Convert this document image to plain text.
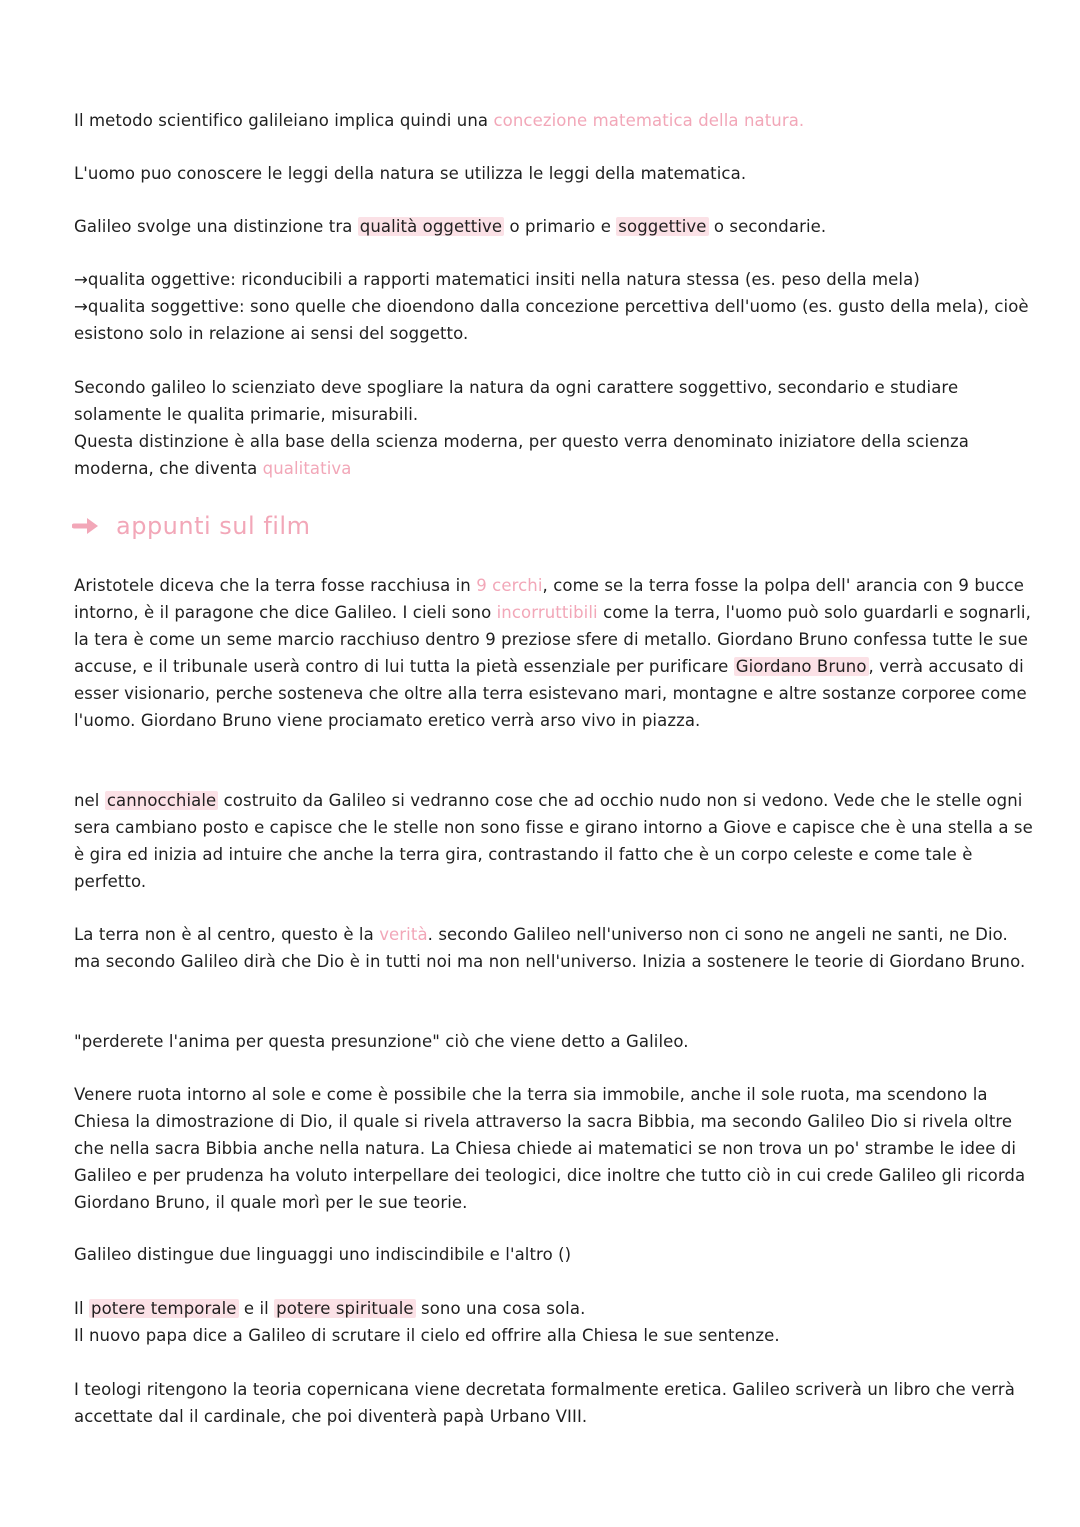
Il metodo scientifico galileiano implica quindi una concezione matematica della natura.

L'uomo puo conoscere le leggi della natura se utilizza le leggi della matematica.

Galileo svolge una distinzione tra qualità oggettive o primario e soggettive o secondarie.

→qualita oggettive: riconducibili a rapporti matematici insiti nella natura stessa (es. peso della mela)

→qualita soggettive: sono quelle che dioendono dalla concezione percettiva dell'uomo (es. gusto della mela), cioè esistono solo in relazione ai sensi del soggetto.

Secondo galileo lo scienziato deve spogliare la natura da ogni carattere soggettivo, secondario e studiare solamente le qualita primarie, misurabili.

Questa distinzione è alla base della scienza moderna, per questo verra denominato iniziatore della scienza moderna, che diventa qualitativa

appunti sul film

Aristotele diceva che la terra fosse racchiusa in 9 cerchi, come se la terra fosse la polpa dell' arancia con 9 bucce intorno, è il paragone che dice Galileo. I cieli sono incorruttibili come la terra, l'uomo può solo guardarli e sognarli, la tera è come un seme marcio racchiuso dentro 9 preziose sfere di metallo. Giordano Bruno confessa tutte le sue accuse, e il tribunale userà contro di lui tutta la pietà essenziale per purificare Giordano Bruno , verrà accusato di esser visionario, perche sosteneva che oltre alla terra esistevano mari, montagne e altre sostanze corporee come l'uomo. Giordano Bruno viene prociamato eretico verrà arso vivo in piazza.

nel cannocchiale costruito da Galileo si vedranno cose che ad occhio nudo non si vedono. Vede che le stelle ogni sera cambiano posto e capisce che le stelle non sono fisse e girano intorno a Giove e capisce che è una stella a se è gira ed inizia ad intuire che anche la terra gira, contrastando il fatto che è un corpo celeste e come tale è perfetto.

La terra non è al centro, questo è la verità. secondo Galileo nell'universo non ci sono ne angeli ne santi, ne Dio. ma secondo Galileo dirà che Dio è in tutti noi ma non nell'universo. Inizia a sostenere le teorie di Giordano Bruno.

"perderete l'anima per questa presunzione" ciò che viene detto a Galileo.

Venere ruota intorno al sole e come è possibile che la terra sia immobile, anche il sole ruota, ma scendono la Chiesa la dimostrazione di Dio, il quale si rivela attraverso la sacra Bibbia, ma secondo Galileo Dio si rivela oltre che nella sacra Bibbia anche nella natura. La Chiesa chiede ai matematici se non trova un po' strambe le idee di Galileo e per prudenza ha voluto interpellare dei teologici, dice inoltre che tutto ciò in cui crede Galileo gli ricorda Giordano Bruno, il quale morì per le sue teorie.

Galileo distingue due linguaggi uno indiscindibile e l'altro ()

Il potere temporale e il potere spirituale sono una cosa sola.

Il nuovo papa dice a Galileo di scrutare il cielo ed offrire alla Chiesa le sue sentenze.

I teologi ritengono la teoria copernicana viene decretata formalmente eretica. Galileo scriverà un libro che verrà accettate dal il cardinale, che poi diventerà papà Urbano VIII.
